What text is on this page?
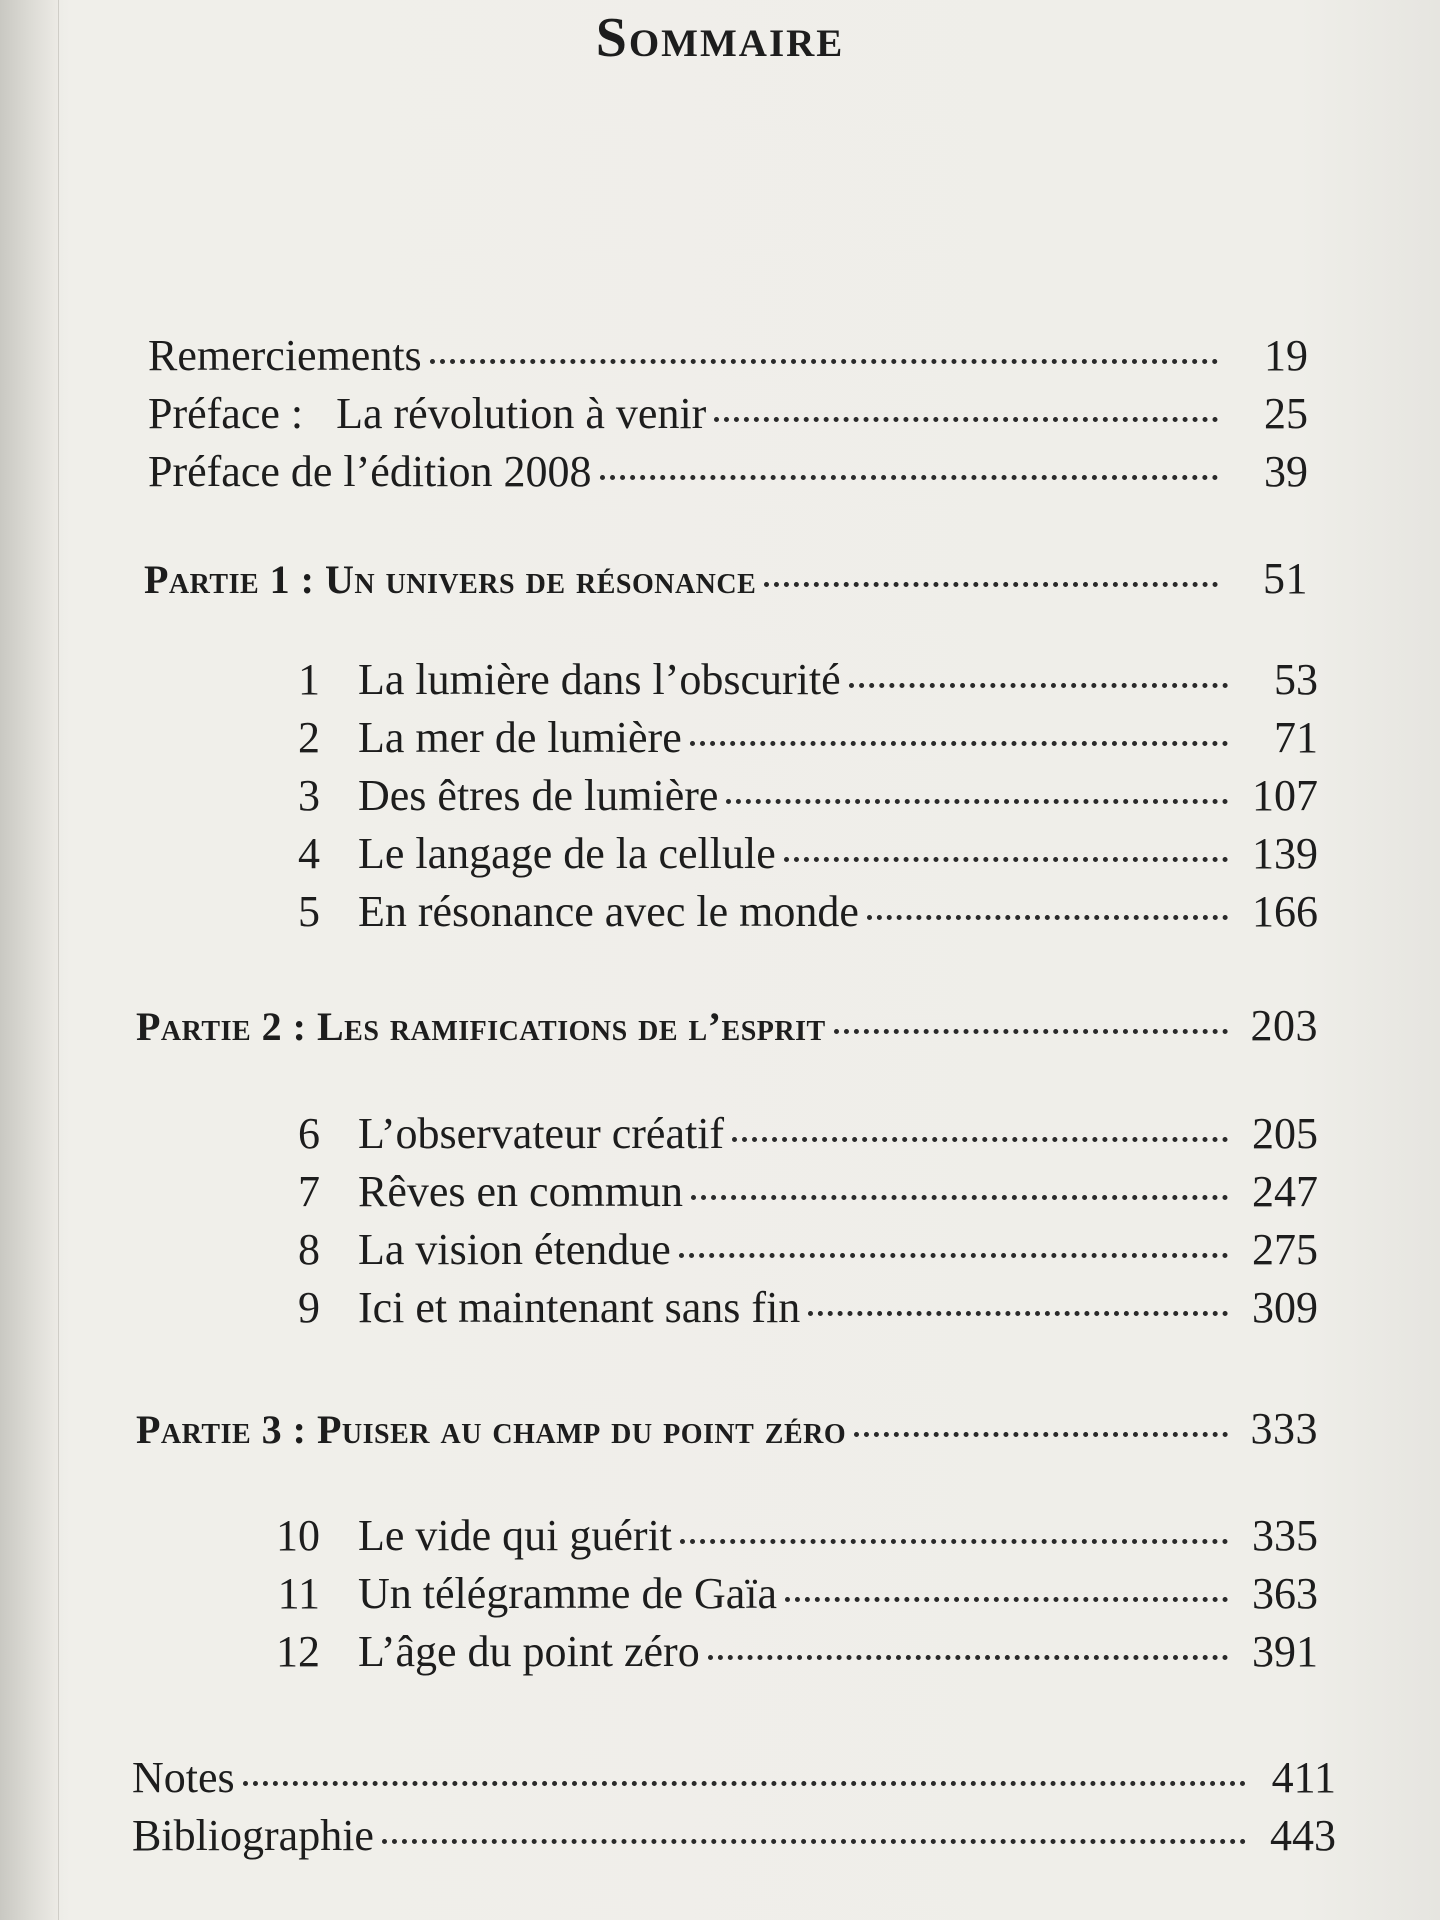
Sommaire
Remerciements	19
Préface :   La révolution à venir	25
Préface de l’édition 2008	39
Partie 1 : Un univers de résonance	51
1 La lumière dans l’obscurité	53
2 La mer de lumière	71
3 Des êtres de lumière	107
4 Le langage de la cellule	139
5 En résonance avec le monde	166
Partie 2 : Les ramifications de l’esprit	203
6 L’observateur créatif	205
7 Rêves en commun	247
8 La vision étendue	275
9 Ici et maintenant sans fin	309
Partie 3 : Puiser au champ du point zéro	333
10 Le vide qui guérit	335
11 Un télégramme de Gaïa	363
12 L’âge du point zéro	391
Notes	411
Bibliographie	443
